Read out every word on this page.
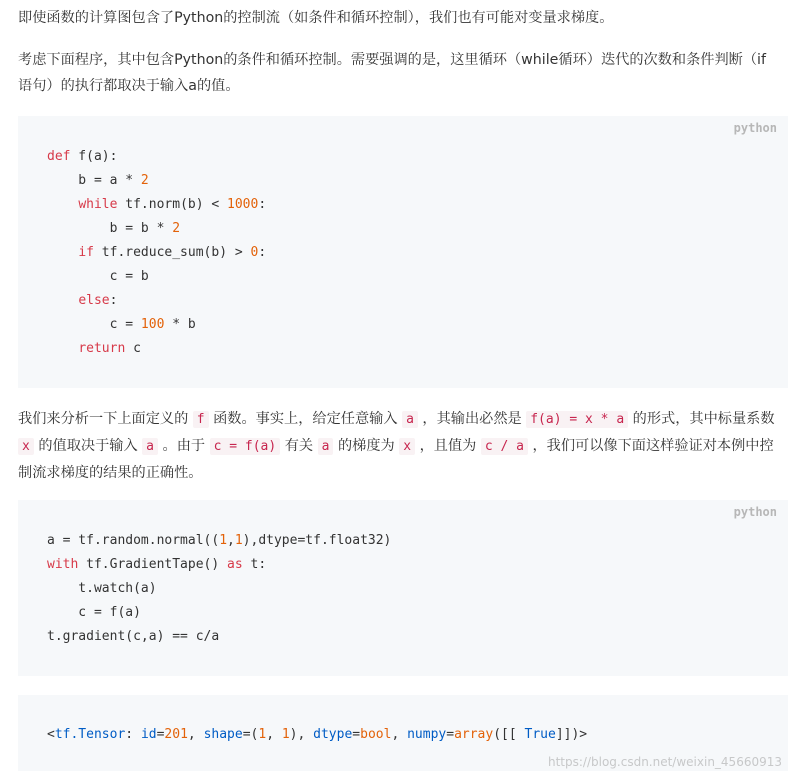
即使函数的计算图包含了Python的控制流（如条件和循环控制），我们也有可能对变量求梯度。

考虑下面程序，其中包含Python的条件和循环控制。需要强调的是，这里循环（while循环）迭代的次数和条件判断（if语句）的执行都取决于输入a的值。

python
def f(a):
b = a * 2
while tf.norm(b) < 1000:
b = b * 2
if tf.reduce_sum(b) > 0:
c = b
else:
c = 100 * b
return c

我们来分析一下上面定义的 f 函数。事实上，给定任意输入 a ，其输出必然是 f(a) = x * a 的形式，其中标量系数 x 的值取决于输入 a 。由于 c = f(a) 有关 a 的梯度为 x ，且值为 c / a ，我们可以像下面这样验证对本例中控制流求梯度的结果的正确性。

python
a = tf.random.normal((1,1),dtype=tf.float32)
with tf.GradientTape() as t:
t.watch(a)
c = f(a)
t.gradient(c,a) == c/a
<tf.Tensor: id=201, shape=(1, 1), dtype=bool, numpy=array([[ True]])>
https://blog.csdn.net/weixin_45660913
